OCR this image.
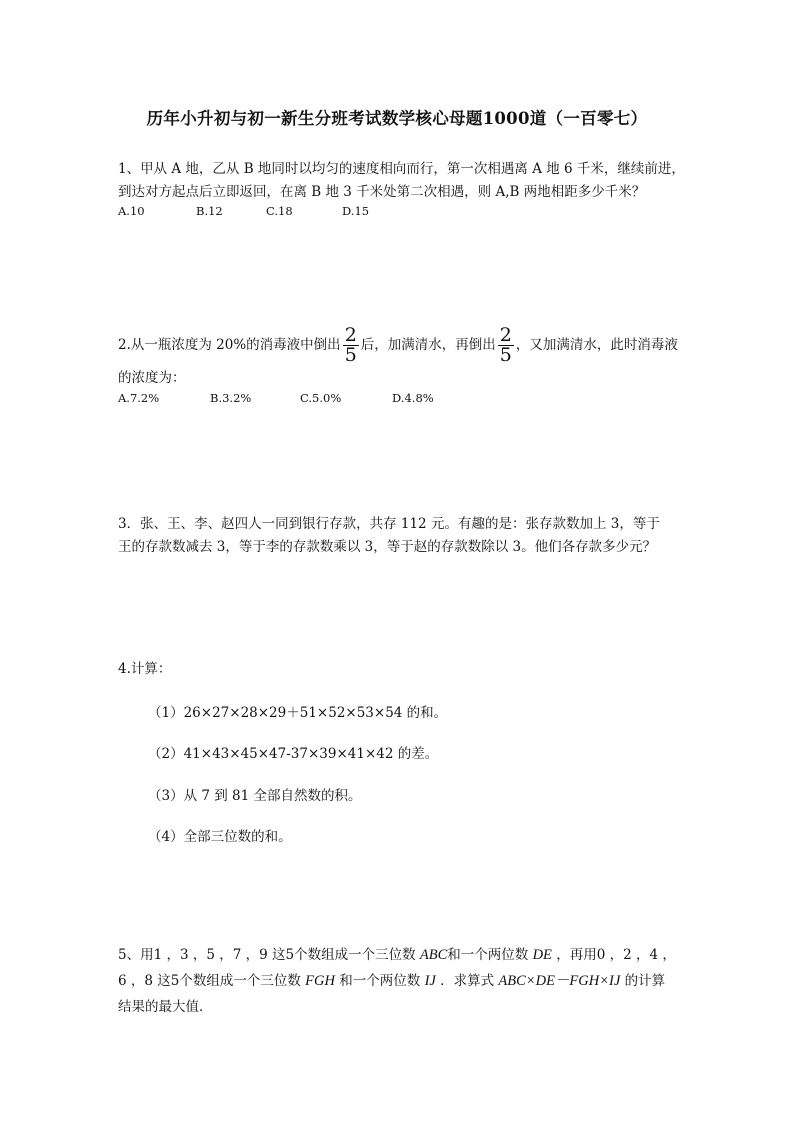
历年小升初与初一新生分班考试数学核心母题1000道（一百零七）
1、甲从 A 地，乙从 B 地同时以均匀的速度相向而行，第一次相遇离 A 地 6 千米，继续前进，
到达对方起点后立即返回，在离 B 地 3 千米处第二次相遇，则 A,B 两地相距多少千米？
A.10	B.12	C.18	D.15
2.从一瓶浓度为 20%的消毒液中倒出 $\frac{2}{5}$ 后，加满清水，再倒出 $\frac{2}{5}$ ，又加满清水，此时消毒液
的浓度为：
A.7.2%	B.3.2%	C.5.0%	D.4.8%
3．张、王、李、赵四人一同到银行存款，共存 112 元。有趣的是：张存款数加上 3，等于
王的存款数减去 3，等于李的存款数乘以 3，等于赵的存款数除以 3。他们各存款多少元？
4.计算：
（1）26×27×28×29＋51×52×53×54 的和。
（2）41×43×45×47-37×39×41×42 的差。
（3）从 7 到 81 全部自然数的积。
（4）全部三位数的和。
5、用1 ，3 ，5 ，7 ，9 这5个数组成一个三位数 ABC和一个两位数 DE ，再用0 ，2 ，4 ，
6 ，8 这5个数组成一个三位数 FGH 和一个两位数 IJ ．求算式 ABC×DE－FGH×IJ 的计算
结果的最大值．
